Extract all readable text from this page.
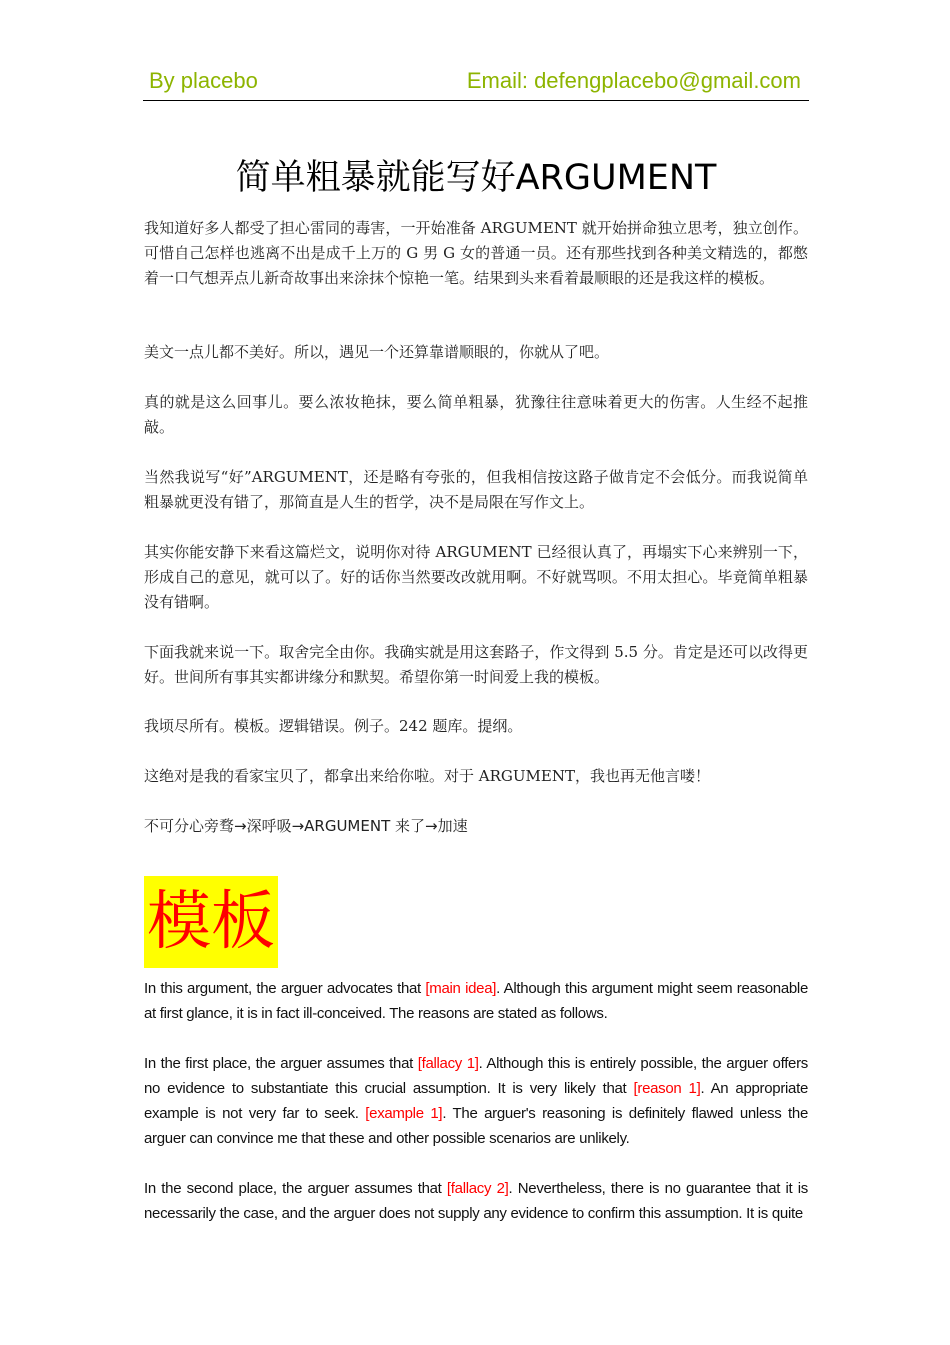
By placebo	Email: defengplacebo@gmail.com
简单粗暴就能写好ARGUMENT

我知道好多人都受了担心雷同的毒害，一开始准备 ARGUMENT 就开始拼命独立思考，独立创作。可惜自己怎样也逃离不出是成千上万的 G 男 G 女的普通一员。还有那些找到各种美文精选的，都憋着一口气想弄点儿新奇故事出来涂抹个惊艳一笔。结果到头来看着最顺眼的还是我这样的模板。

美文一点儿都不美好。所以，遇见一个还算靠谱顺眼的，你就从了吧。

真的就是这么回事儿。要么浓妆艳抹，要么简单粗暴，犹豫往往意味着更大的伤害。人生经不起推敲。

当然我说写“好”ARGUMENT，还是略有夸张的，但我相信按这路子做肯定不会低分。而我说简单粗暴就更没有错了，那简直是人生的哲学，决不是局限在写作文上。

其实你能安静下来看这篇烂文，说明你对待 ARGUMENT 已经很认真了，再塌实下心来辨别一下，形成自己的意见，就可以了。好的话你当然要改改就用啊。不好就骂呗。不用太担心。毕竟简单粗暴没有错啊。

下面我就来说一下。取舍完全由你。我确实就是用这套路子，作文得到 5.5 分。肯定是还可以改得更好。世间所有事其实都讲缘分和默契。希望你第一时间爱上我的模板。

我顷尽所有。模板。逻辑错误。例子。242 题库。提纲。

这绝对是我的看家宝贝了，都拿出来给你啦。对于 ARGUMENT，我也再无他言喽！

不可分心旁骛→深呼吸→ARGUMENT 来了→加速

模板

In this argument, the arguer advocates that [main idea]. Although this argument might seem reasonable at first glance, it is in fact ill-conceived. The reasons are stated as follows.

In the first place, the arguer assumes that [fallacy 1]. Although this is entirely possible, the arguer offers no evidence to substantiate this crucial assumption. It is very likely that [reason 1]. An appropriate example is not very far to seek. [example 1]. The arguer's reasoning is definitely flawed unless the arguer can convince me that these and other possible scenarios are unlikely.

In the second place, the arguer assumes that [fallacy 2]. Nevertheless, there is no guarantee that it is necessarily the case, and the arguer does not supply any evidence to confirm this assumption. It is quite
